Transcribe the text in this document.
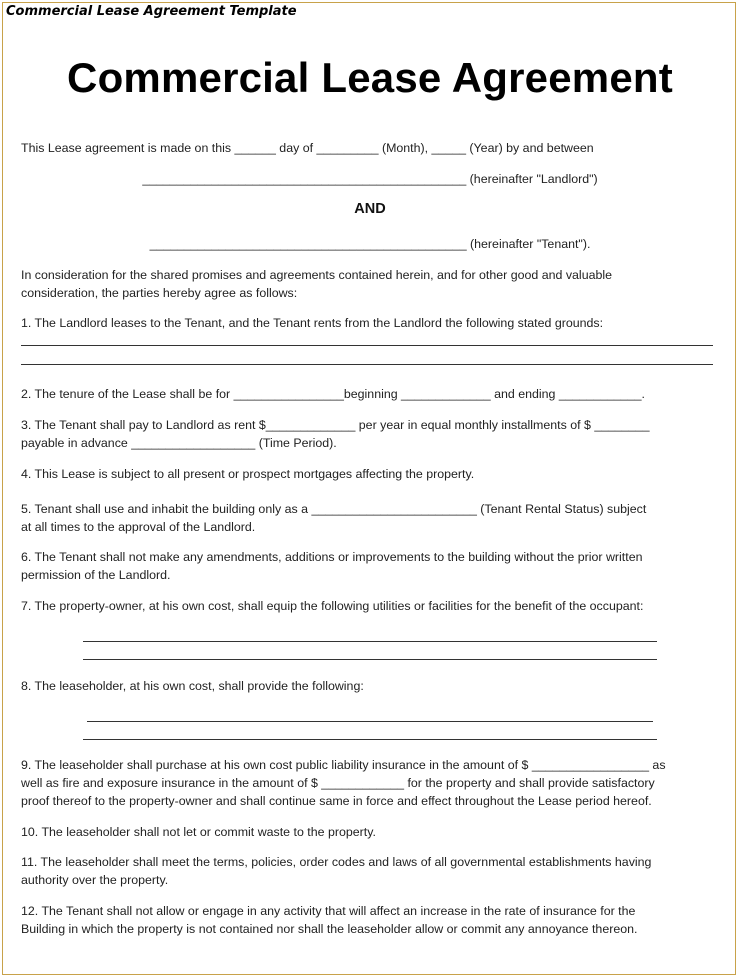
Commercial Lease Agreement Template
Commercial Lease Agreement
This Lease agreement is made on this ______ day of _________ (Month), _____ (Year) by and between
_______________________________________________ (hereinafter "Landlord")
AND
______________________________________________ (hereinafter "Tenant").
In consideration for the shared promises and agreements contained herein, and for other good and valuable
consideration, the parties hereby agree as follows:
1. The Landlord leases to the Tenant, and the Tenant rents from the Landlord the following stated grounds:
2. The tenure of the Lease shall be for ________________beginning _____________ and ending ____________.
3. The Tenant shall pay to Landlord as rent $_____________ per year in equal monthly installments of $ ________
payable in advance __________________ (Time Period).
4. This Lease is subject to all present or prospect mortgages affecting the property.
5. Tenant shall use and inhabit the building only as a ________________________ (Tenant Rental Status) subject
at all times to the approval of the Landlord.
6. The Tenant shall not make any amendments, additions or improvements to the building without the prior written
permission of the Landlord.
7. The property-owner, at his own cost, shall equip the following utilities or facilities for the benefit of the occupant:
8. The leaseholder, at his own cost, shall provide the following:
9. The leaseholder shall purchase at his own cost public liability insurance in the amount of $ _________________ as
well as fire and exposure insurance in the amount of $ ____________ for the property and shall provide satisfactory
proof thereof to the property-owner and shall continue same in force and effect throughout the Lease period hereof.
10. The leaseholder shall not let or commit waste to the property.
11. The leaseholder shall meet the terms, policies, order codes and laws of all governmental establishments having
authority over the property.
12. The Tenant shall not allow or engage in any activity that will affect an increase in the rate of insurance for the
Building in which the property is not contained nor shall the leaseholder allow or commit any annoyance thereon.
